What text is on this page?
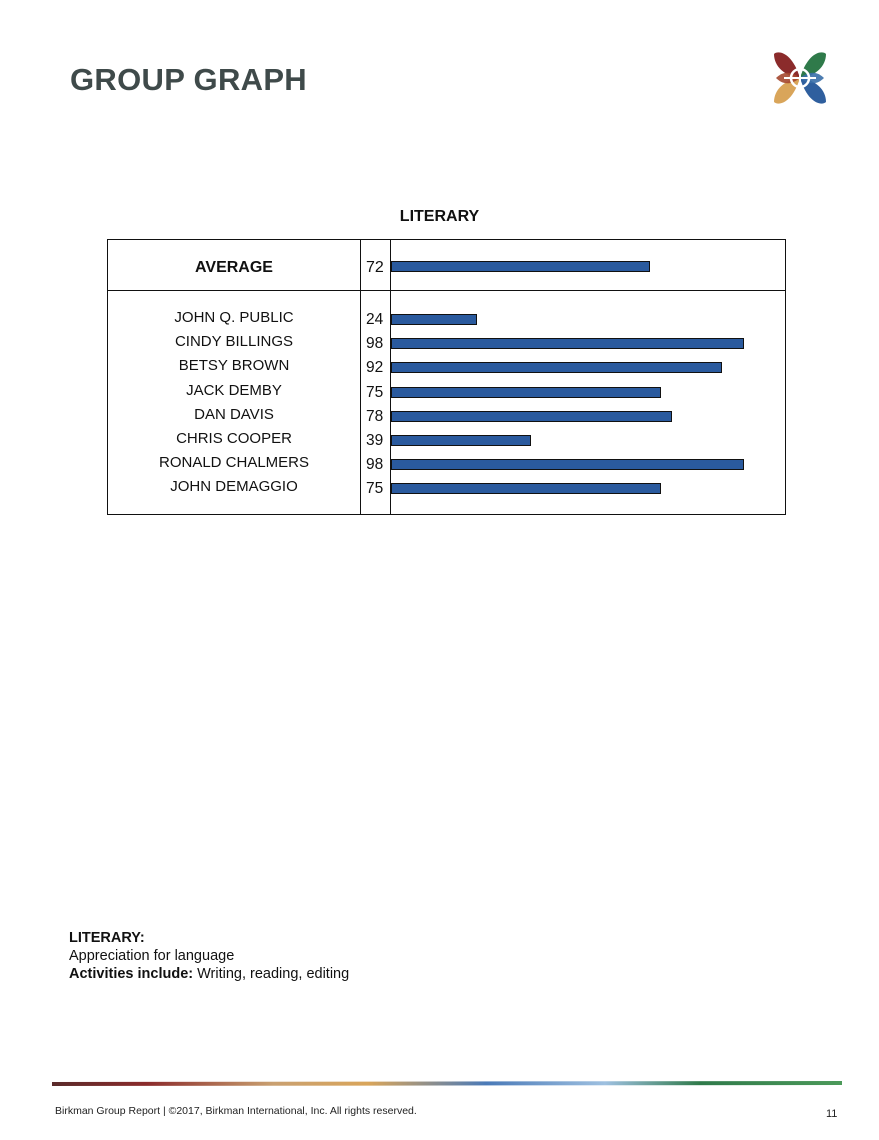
GROUP GRAPH
LITERARY
AVERAGE	72
JOHN Q. PUBLIC	24
CINDY BILLINGS	98
BETSY BROWN	92
JACK DEMBY	75
DAN DAVIS	78
CHRIS COOPER	39
RONALD CHALMERS	98
JOHN DEMAGGIO	75
LITERARY:
Appreciation for language
Activities include: Writing, reading, editing
Birkman Group Report | ©2017, Birkman International, Inc. All rights reserved.	11
